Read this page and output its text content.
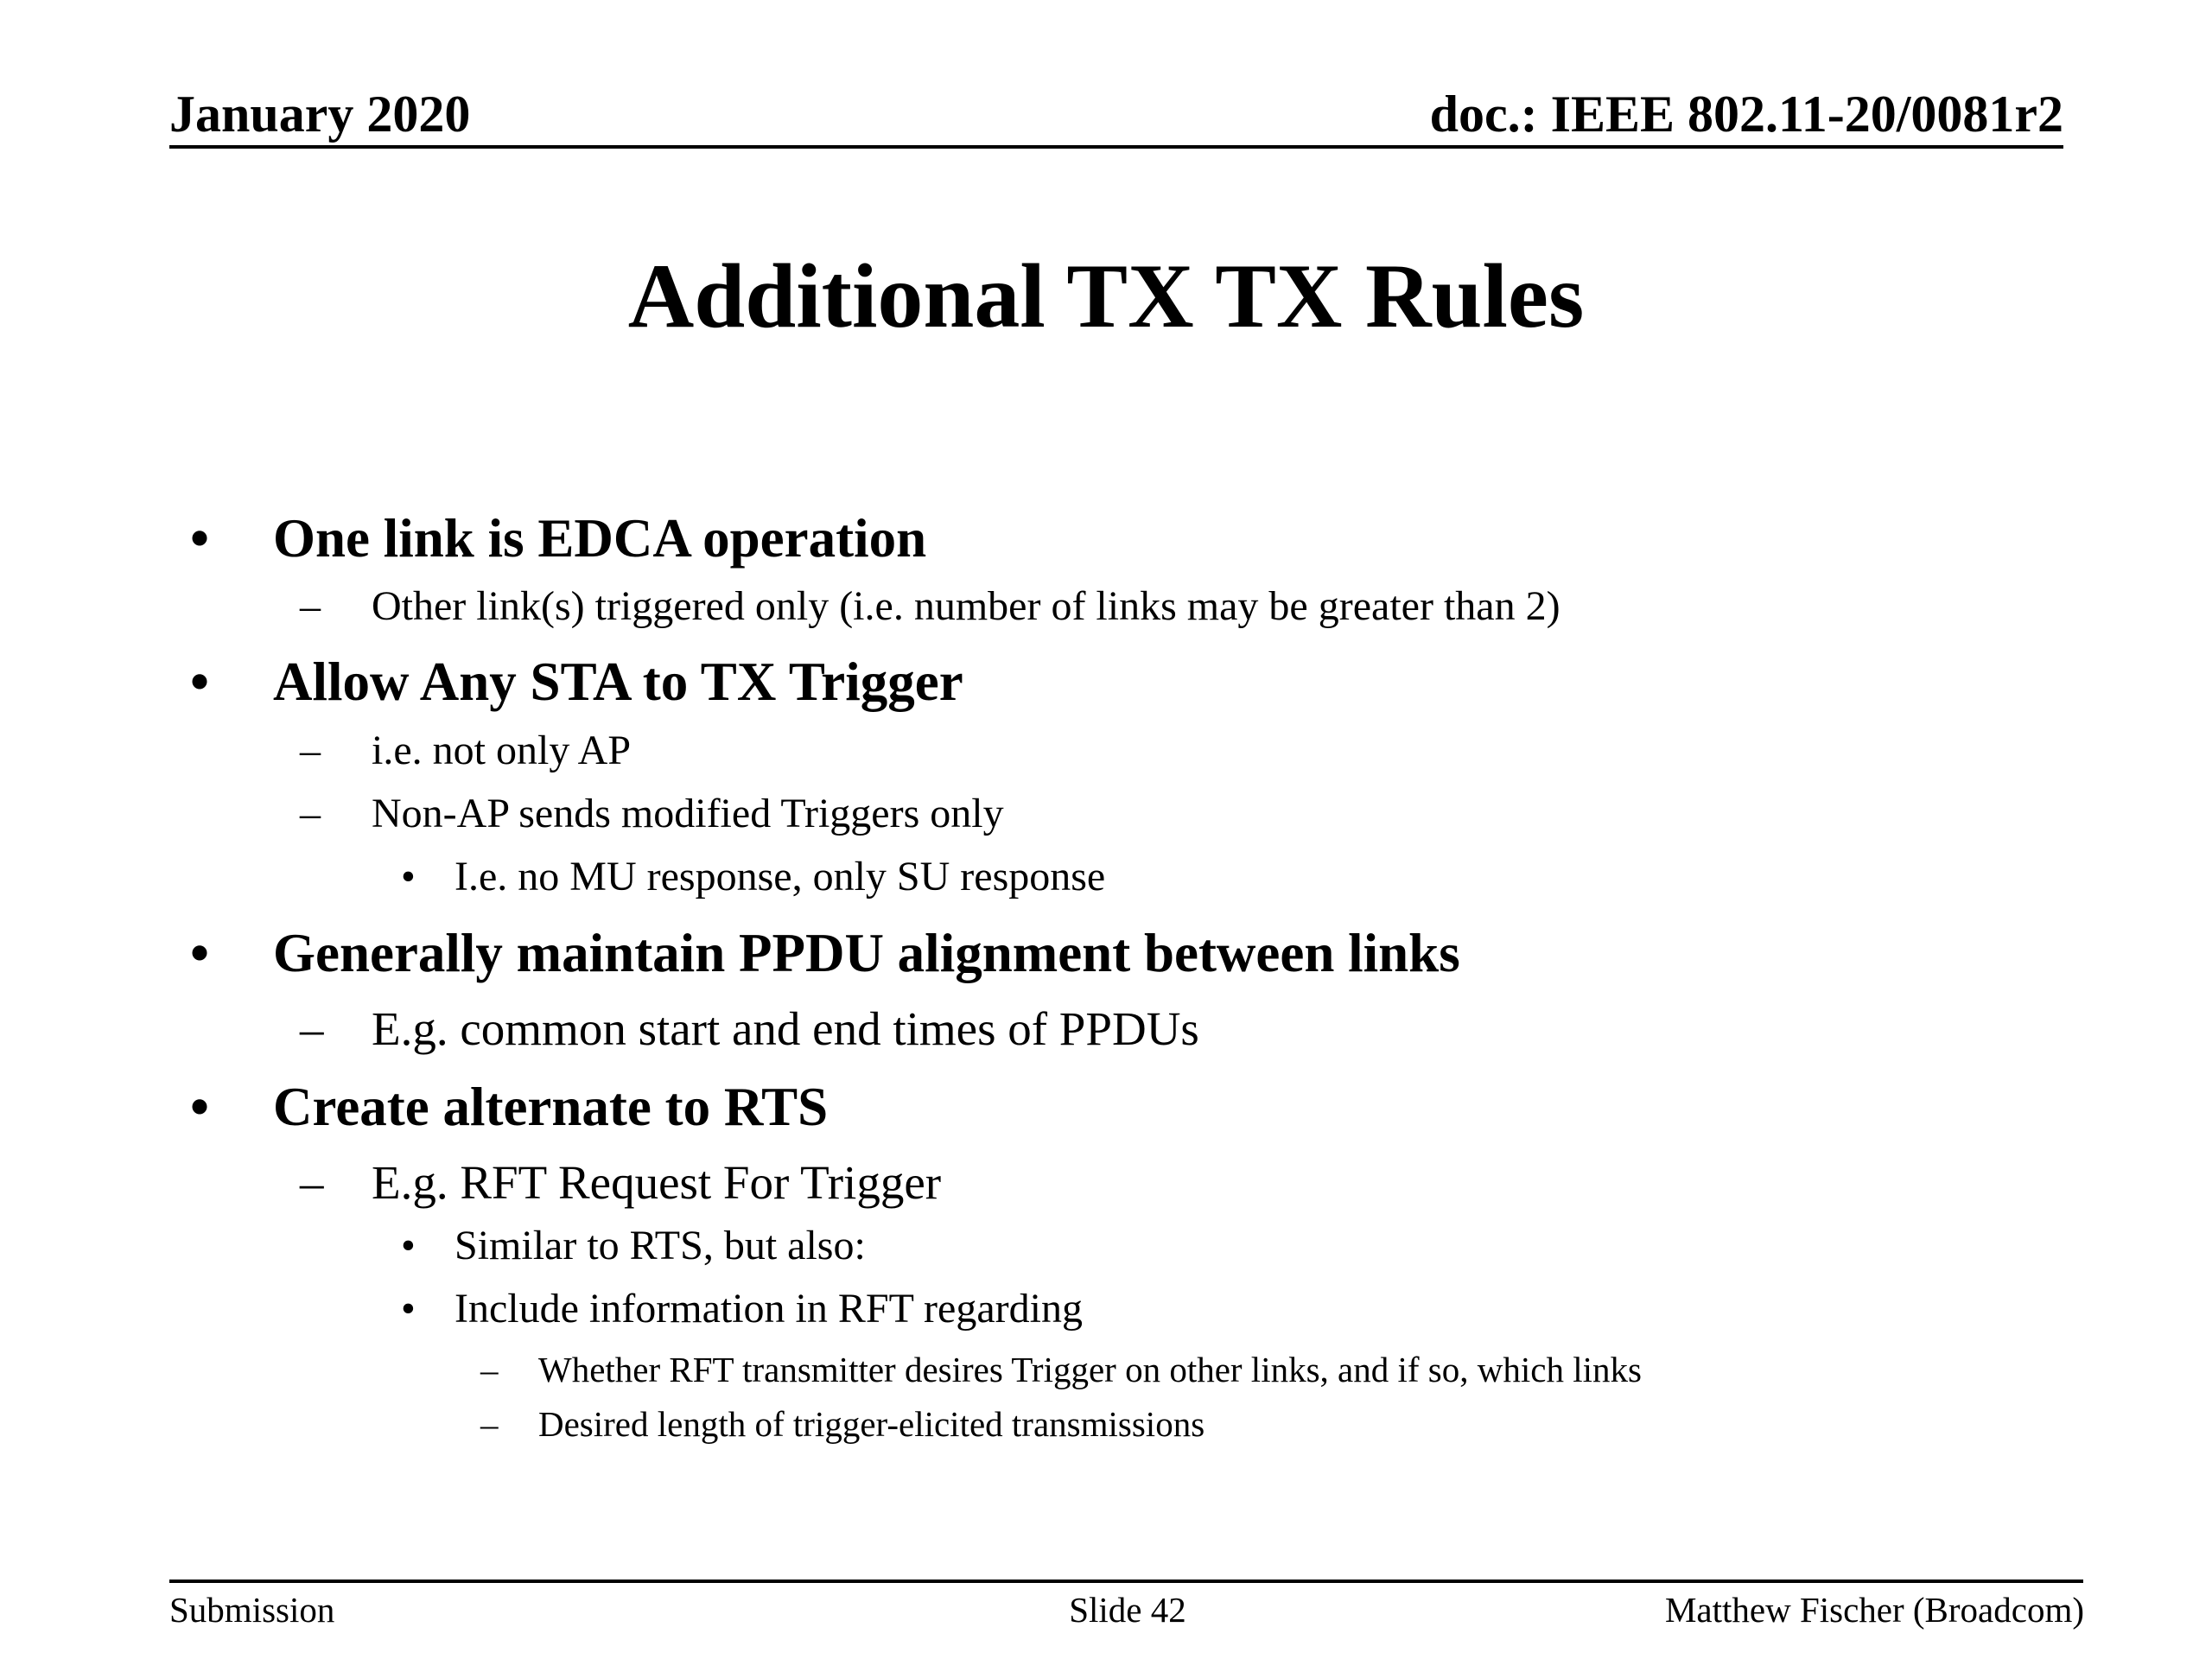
January 2020	doc.: IEEE 802.11-20/0081r2
Additional TX TX Rules
• One link is EDCA operation
– Other link(s) triggered only (i.e. number of links may be greater than 2)
• Allow Any STA to TX Trigger
– i.e. not only AP
– Non-AP sends modified Triggers only
• I.e. no MU response, only SU response
• Generally maintain PPDU alignment between links
– E.g. common start and end times of PPDUs
• Create alternate to RTS
– E.g. RFT Request For Trigger
• Similar to RTS, but also:
• Include information in RFT regarding
– Whether RFT transmitter desires Trigger on other links, and if so, which links
– Desired length of trigger-elicited transmissions
Submission	Slide 42	Matthew Fischer (Broadcom)
